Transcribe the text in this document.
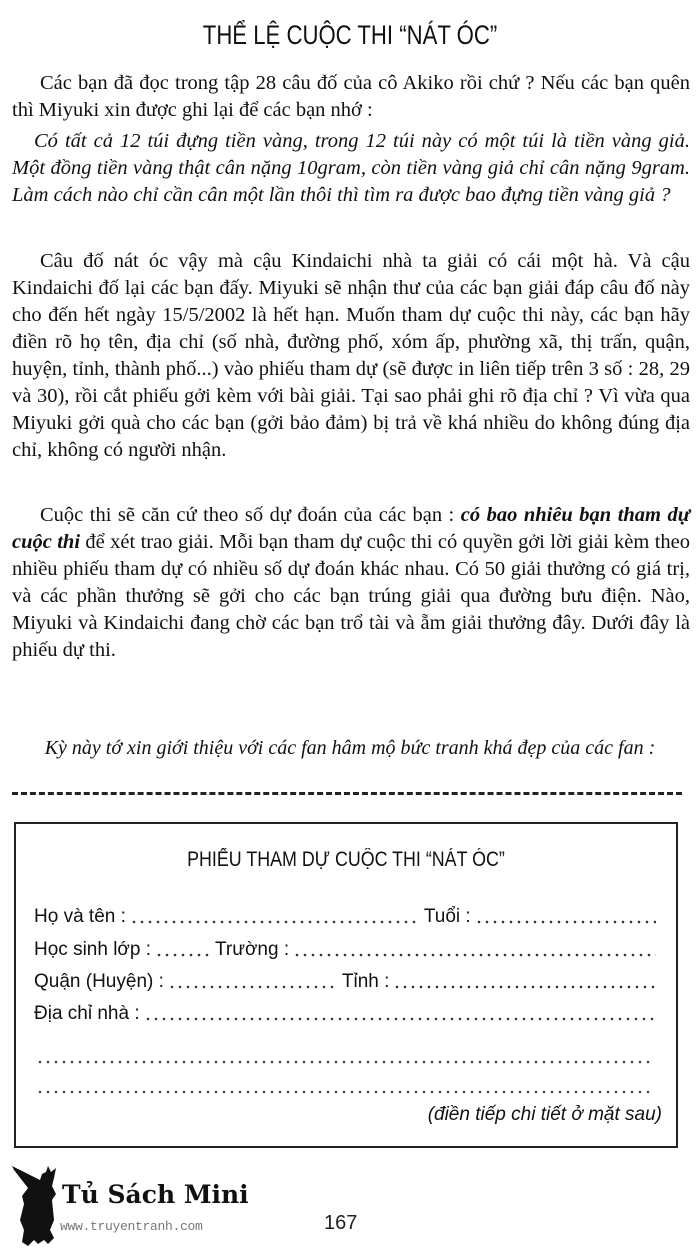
THỂ LỆ CUỘC THI “NÁT ÓC”
Các bạn đã đọc trong tập 28 câu đố của cô Akiko rồi chứ ? Nếu các bạn quên thì Miyuki xin được ghi lại để các bạn nhớ :
Có tất cả 12 túi đựng tiền vàng, trong 12 túi này có một túi là tiền vàng giả. Một đồng tiền vàng thật cân nặng 10gram, còn tiền vàng giả chỉ cân nặng 9gram. Làm cách nào chỉ cần cân một lần thôi thì tìm ra được bao đựng tiền vàng giả ?
Câu đố nát óc vậy mà cậu Kindaichi nhà ta giải có cái một hà. Và cậu Kindaichi đố lại các bạn đấy. Miyuki sẽ nhận thư của các bạn giải đáp câu đố này cho đến hết ngày 15/5/2002 là hết hạn. Muốn tham dự cuộc thi này, các bạn hãy điền rõ họ tên, địa chỉ (số nhà, đường phố, xóm ấp, phường xã, thị trấn, quận, huyện, tỉnh, thành phố...) vào phiếu tham dự (sẽ được in liên tiếp trên 3 số : 28, 29 và 30), rồi cắt phiếu gởi kèm với bài giải. Tại sao phải ghi rõ địa chỉ ? Vì vừa qua Miyuki gởi quà cho các bạn (gởi bảo đảm) bị trả về khá nhiều do không đúng địa chỉ, không có người nhận.
Cuộc thi sẽ căn cứ theo số dự đoán của các bạn : có bao nhiêu bạn tham dự cuộc thi để xét trao giải. Mỗi bạn tham dự cuộc thi có quyền gởi lời giải kèm theo nhiều phiếu tham dự có nhiều số dự đoán khác nhau. Có 50 giải thưởng có giá trị, và các phần thưởng sẽ gởi cho các bạn trúng giải qua đường bưu điện. Nào, Miyuki và Kindaichi đang chờ các bạn trổ tài và ẵm giải thưởng đây. Dưới đây là phiếu dự thi.
Kỳ này tớ xin giới thiệu với các fan hâm mộ bức tranh khá đẹp của các fan :
PHIẾU THAM DỰ CUỘC THI “NÁT ÓC”
Họ và tên :	Tuổi :
Học sinh lớp :	Trường :
Quận (Huyện) :	Tỉnh :
Địa chỉ nhà :
(điền tiếp chi tiết ở mặt sau)
Tủ Sách Mini
www.truyentranh.com	167
